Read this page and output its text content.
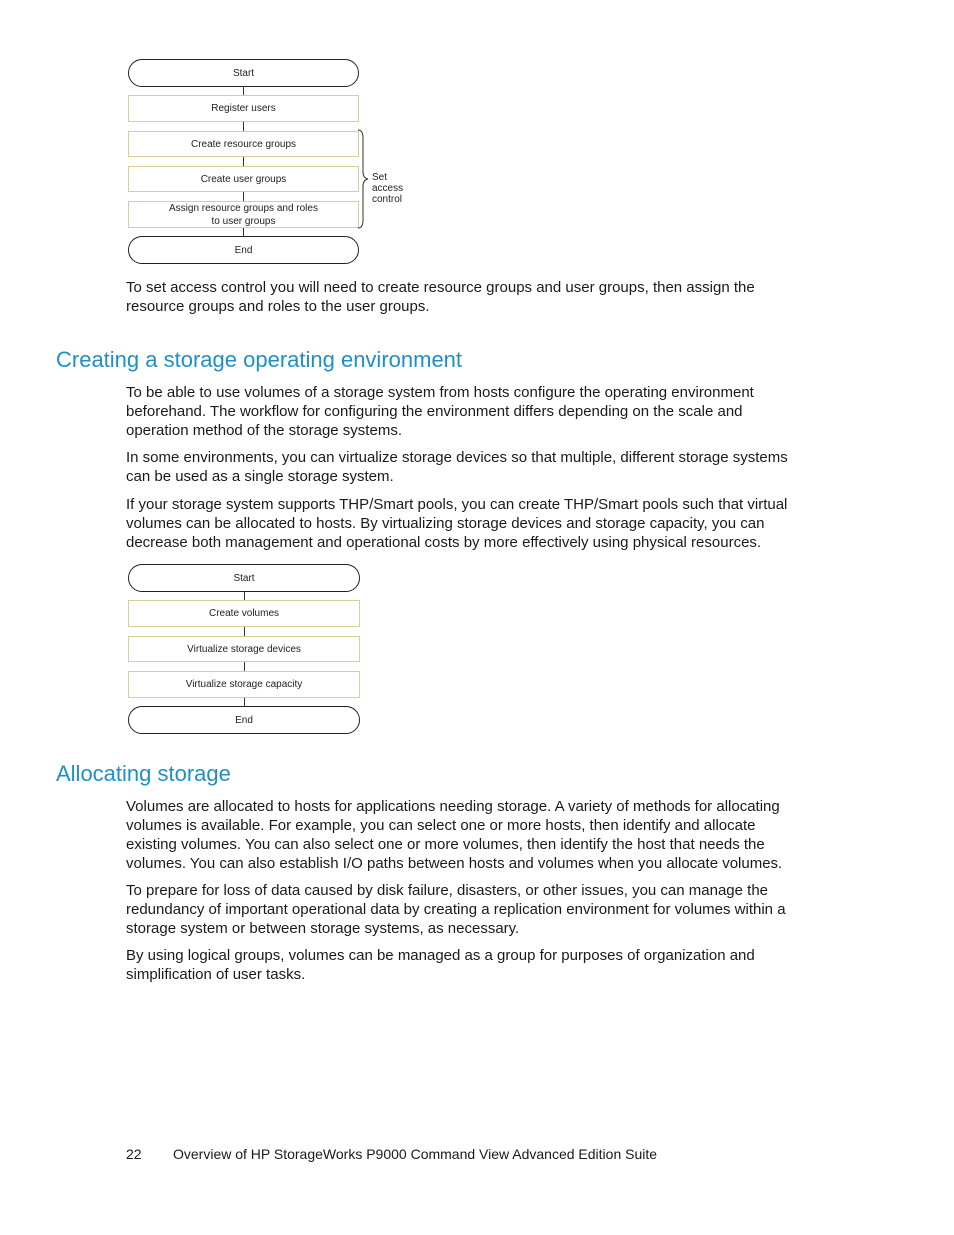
Start
Register users
Create resource groups
Create user groups
Assign resource groups and roles
to user groups
End
Set access control

To set access control you will need to create resource groups and user groups, then assign the resource groups and roles to the user groups.

Creating a storage operating environment

To be able to use volumes of a storage system from hosts configure the operating environment beforehand. The workflow for configuring the environment differs depending on the scale and operation method of the storage systems.

In some environments, you can virtualize storage devices so that multiple, different storage systems can be used as a single storage system.

If your storage system supports THP/Smart pools, you can create THP/Smart pools such that virtual volumes can be allocated to hosts. By virtualizing storage devices and storage capacity, you can decrease both management and operational costs by more effectively using physical resources.

Start
Create volumes
Virtualize storage devices
Virtualize storage capacity
End
Allocating storage

Volumes are allocated to hosts for applications needing storage. A variety of methods for allocating volumes is available. For example, you can select one or more hosts, then identify and allocate existing volumes. You can also select one or more volumes, then identify the host that needs the volumes. You can also establish I/O paths between hosts and volumes when you allocate volumes.

To prepare for loss of data caused by disk failure, disasters, or other issues, you can manage the redundancy of important operational data by creating a replication environment for volumes within a storage system or between storage systems, as necessary.

By using logical groups, volumes can be managed as a group for purposes of organization and simplification of user tasks.

22 Overview of HP StorageWorks P9000 Command View Advanced Edition Suite
